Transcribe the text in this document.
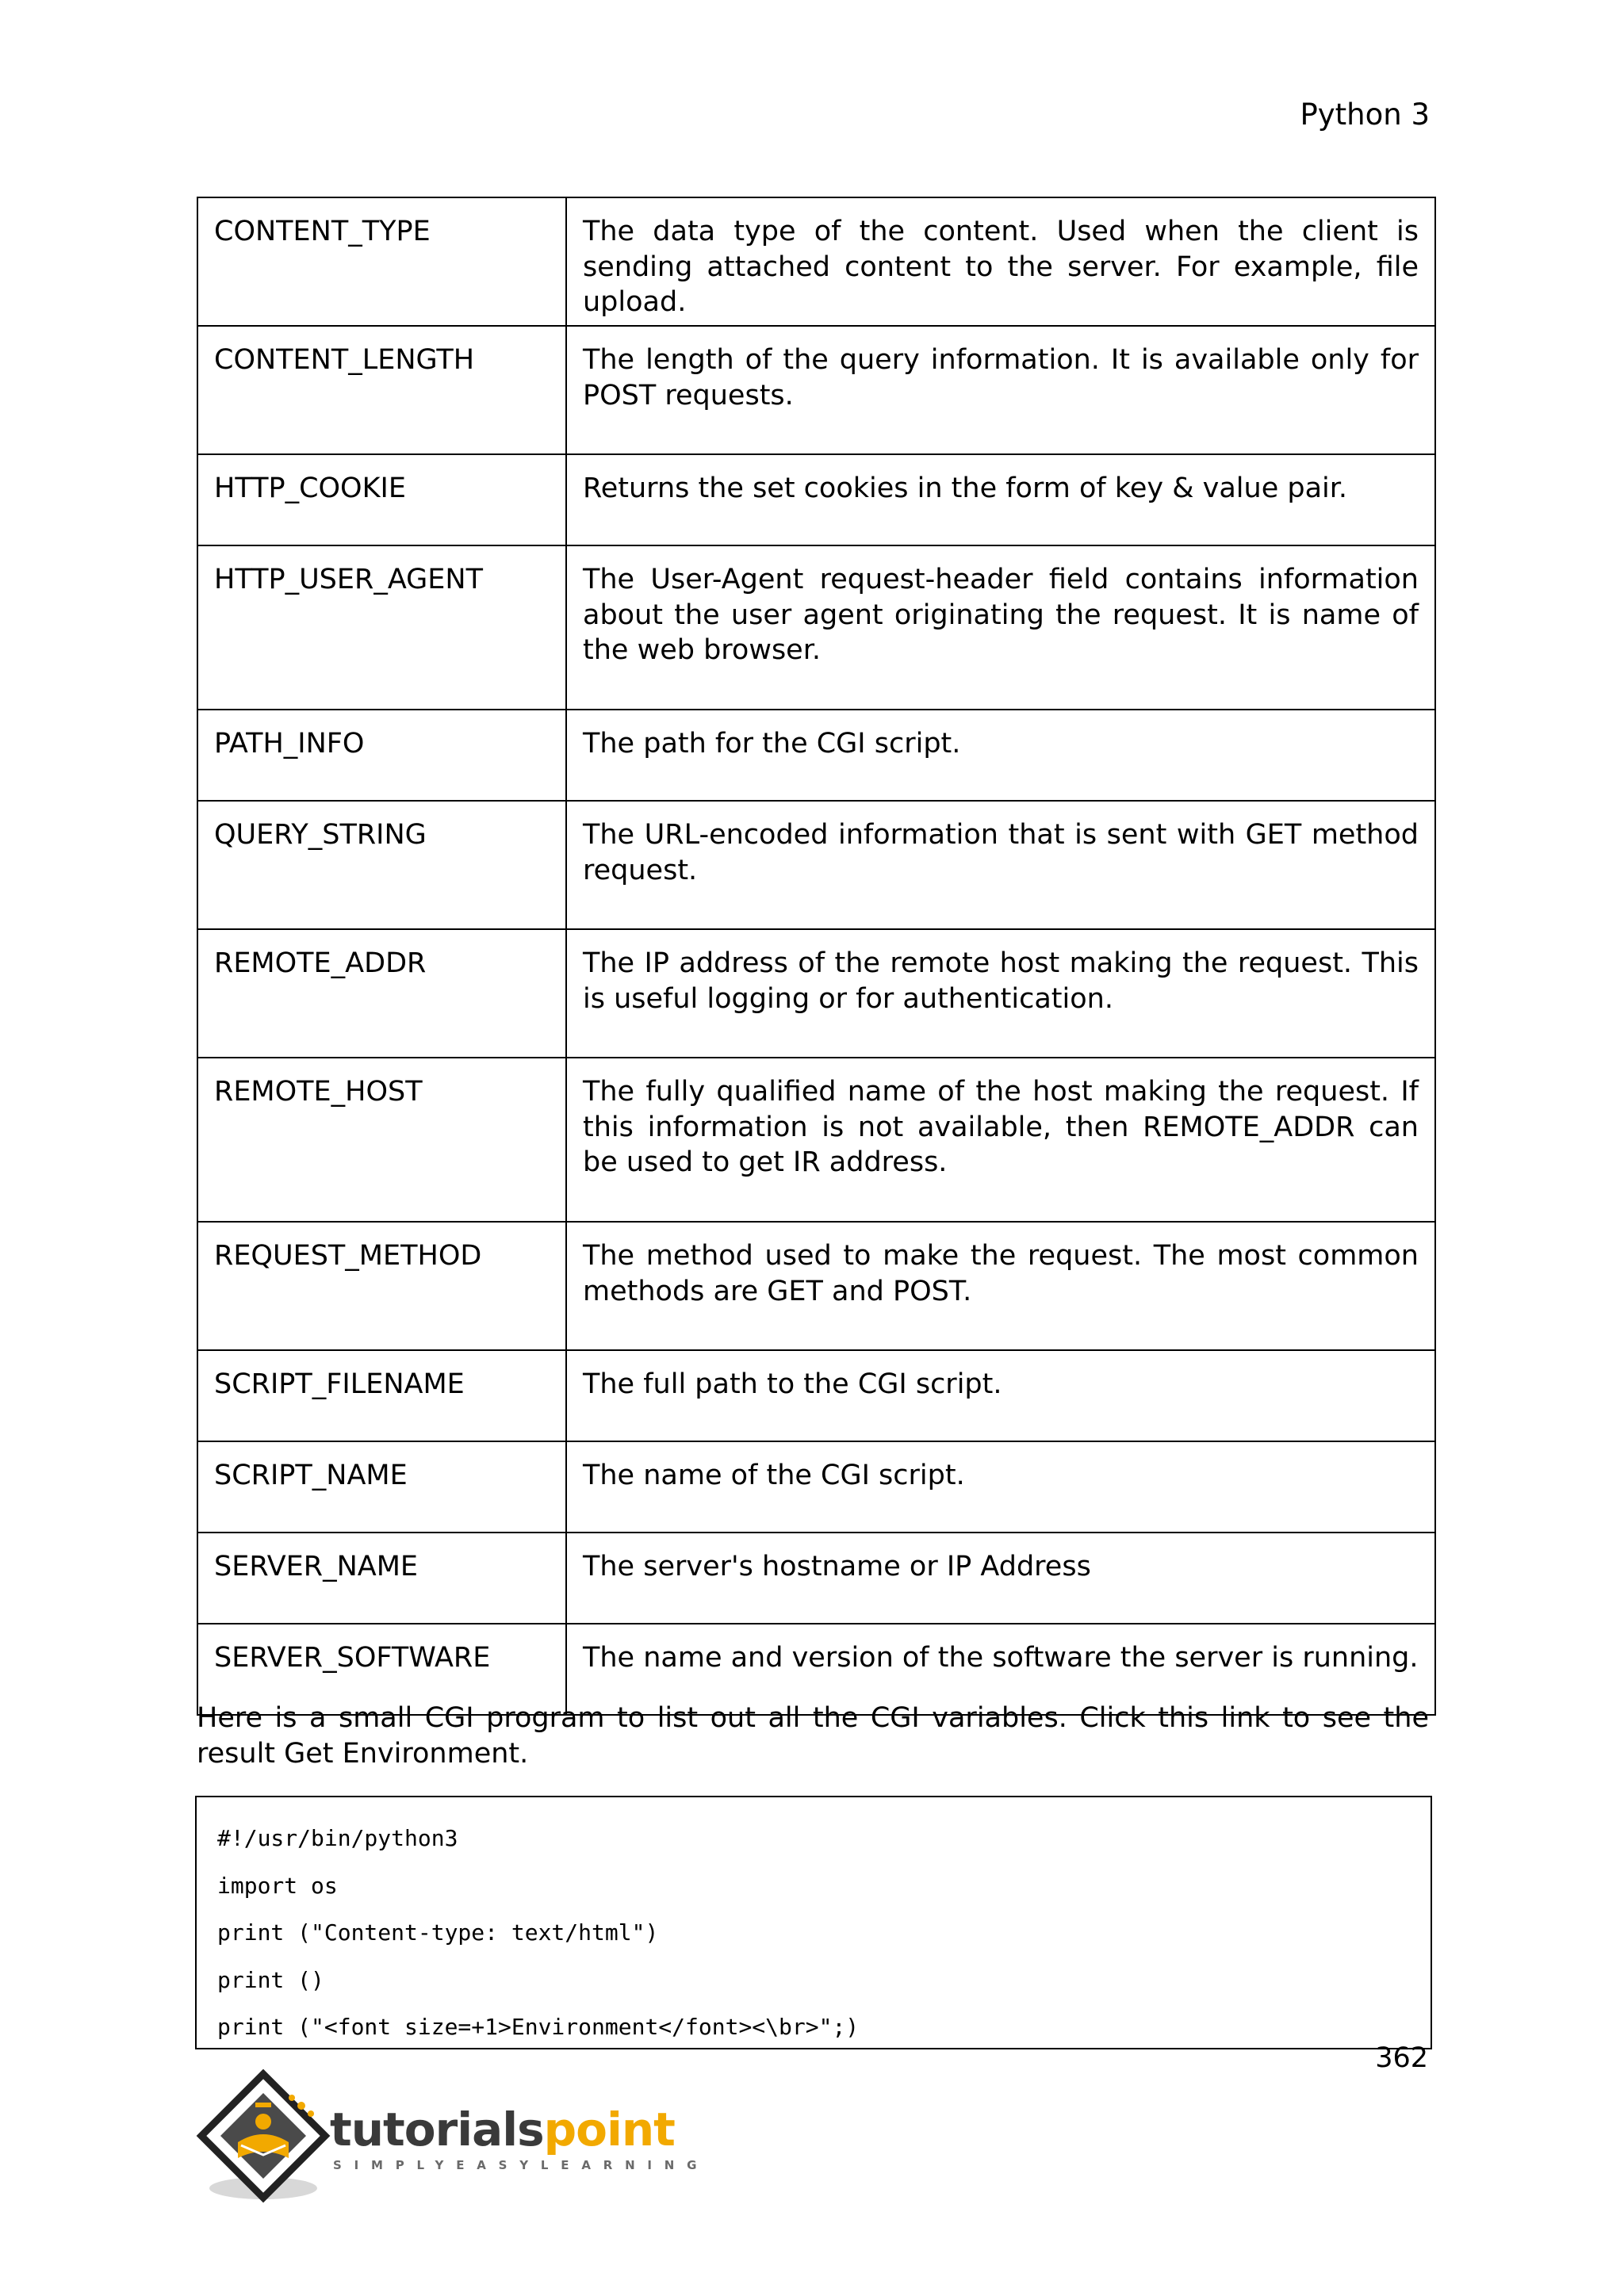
Python 3
CONTENT_TYPE	The data type of the content. Used when the client is sending attached content to the server. For example, file upload.
CONTENT_LENGTH	The length of the query information. It is available only for POST requests.
HTTP_COOKIE	Returns the set cookies in the form of key & value pair.
HTTP_USER_AGENT	The User-Agent request-header field contains information about the user agent originating the request. It is name of the web browser.
PATH_INFO	The path for the CGI script.
QUERY_STRING	The URL-encoded information that is sent with GET method request.
REMOTE_ADDR	The IP address of the remote host making the request. This is useful logging or for authentication.
REMOTE_HOST	The fully qualified name of the host making the request. If this information is not available, then REMOTE_ADDR can be used to get IR address.
REQUEST_METHOD	The method used to make the request. The most common methods are GET and POST.
SCRIPT_FILENAME	The full path to the CGI script.
SCRIPT_NAME	The name of the CGI script.
SERVER_NAME	The server's hostname or IP Address
SERVER_SOFTWARE	The name and version of the software the server is running.
Here is a small CGI program to list out all the CGI variables. Click this link to see the result Get Environment.
#!/usr/bin/python3
import os
print ("Content-type: text/html")
print ()
print ("<font size=+1>Environment</font><\br>";)
362
tutorialspoint
SIMPLYEASYLEARNING
